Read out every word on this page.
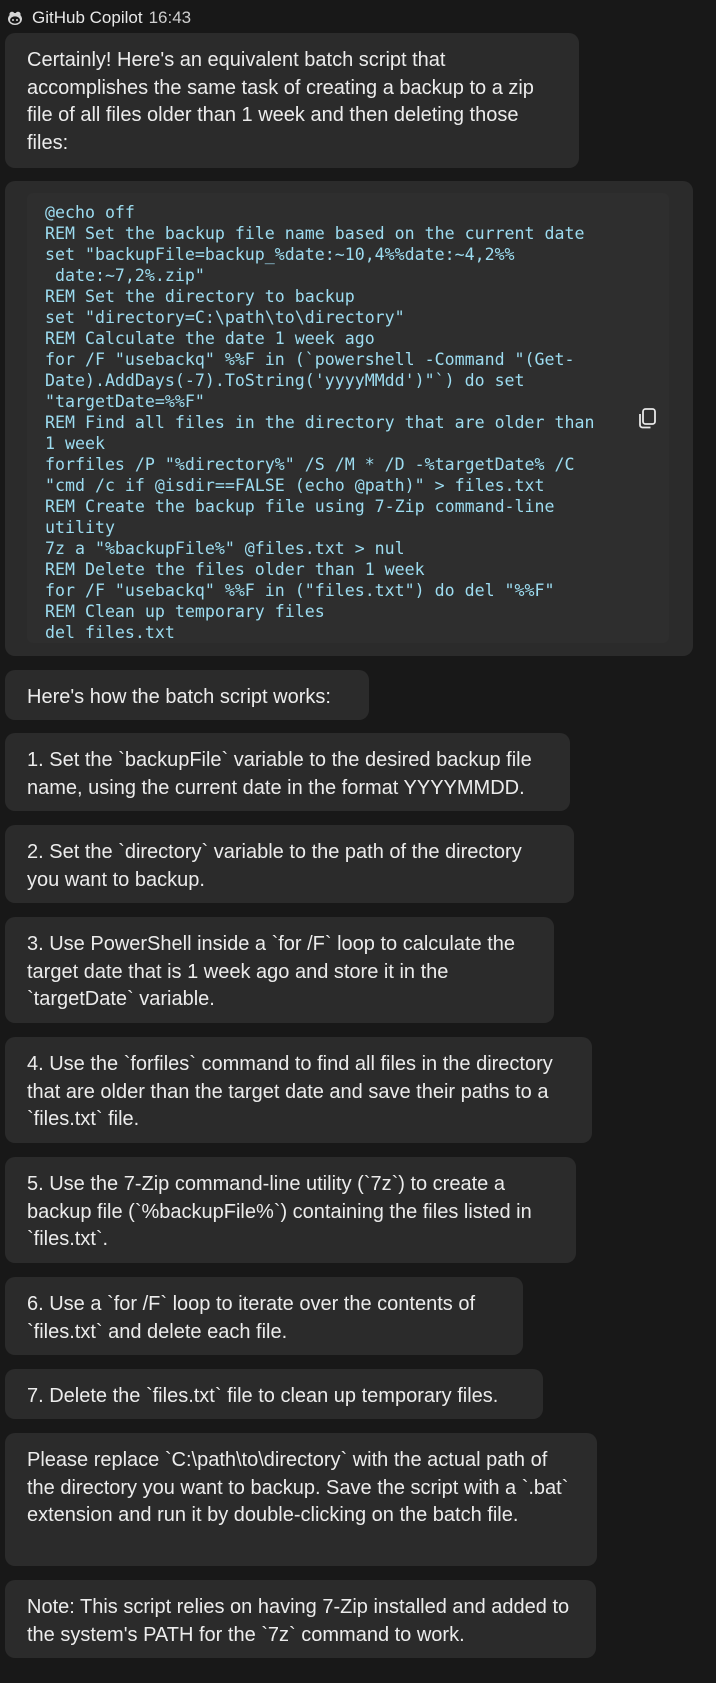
GitHub Copilot 16:43
Certainly! Here's an equivalent batch script that accomplishes the same task of creating a backup to a zip file of all files older than 1 week and then deleting those files:
@echo off
REM Set the backup file name based on the current date
set "backupFile=backup_%date:~10,4%%date:~4,2%%
date:~7,2%.zip"
REM Set the directory to backup
set "directory=C:\path\to\directory"
REM Calculate the date 1 week ago
for /F "usebackq" %%F in (`powershell -Command "(Get-
Date).AddDays(-7).ToString('yyyyMMdd')"`) do set
"targetDate=%%F"
REM Find all files in the directory that are older than
1 week
forfiles /P "%directory%" /S /M * /D -%targetDate% /C
"cmd /c if @isdir==FALSE (echo @path)" > files.txt
REM Create the backup file using 7-Zip command-line
utility
7z a "%backupFile%" @files.txt > nul
REM Delete the files older than 1 week
for /F "usebackq" %%F in ("files.txt") do del "%%F"
REM Clean up temporary files
del files.txt
Here's how the batch script works:
1. Set the `backupFile` variable to the desired backup file name, using the current date in the format YYYYMMDD.
2. Set the `directory` variable to the path of the directory you want to backup.
3. Use PowerShell inside a `for /F` loop to calculate the target date that is 1 week ago and store it in the `targetDate` variable.
4. Use the `forfiles` command to find all files in the directory that are older than the target date and save their paths to a `files.txt` file.
5. Use the 7-Zip command-line utility (`7z`) to create a backup file (`%backupFile%`) containing the files listed in `files.txt`.
6. Use a `for /F` loop to iterate over the contents of `files.txt` and delete each file.
7. Delete the `files.txt` file to clean up temporary files.
Please replace `C:\path\to\directory` with the actual path of the directory you want to backup. Save the script with a `.bat` extension and run it by double-clicking on the batch file.
Note: This script relies on having 7-Zip installed and added to the system's PATH for the `7z` command to work.
